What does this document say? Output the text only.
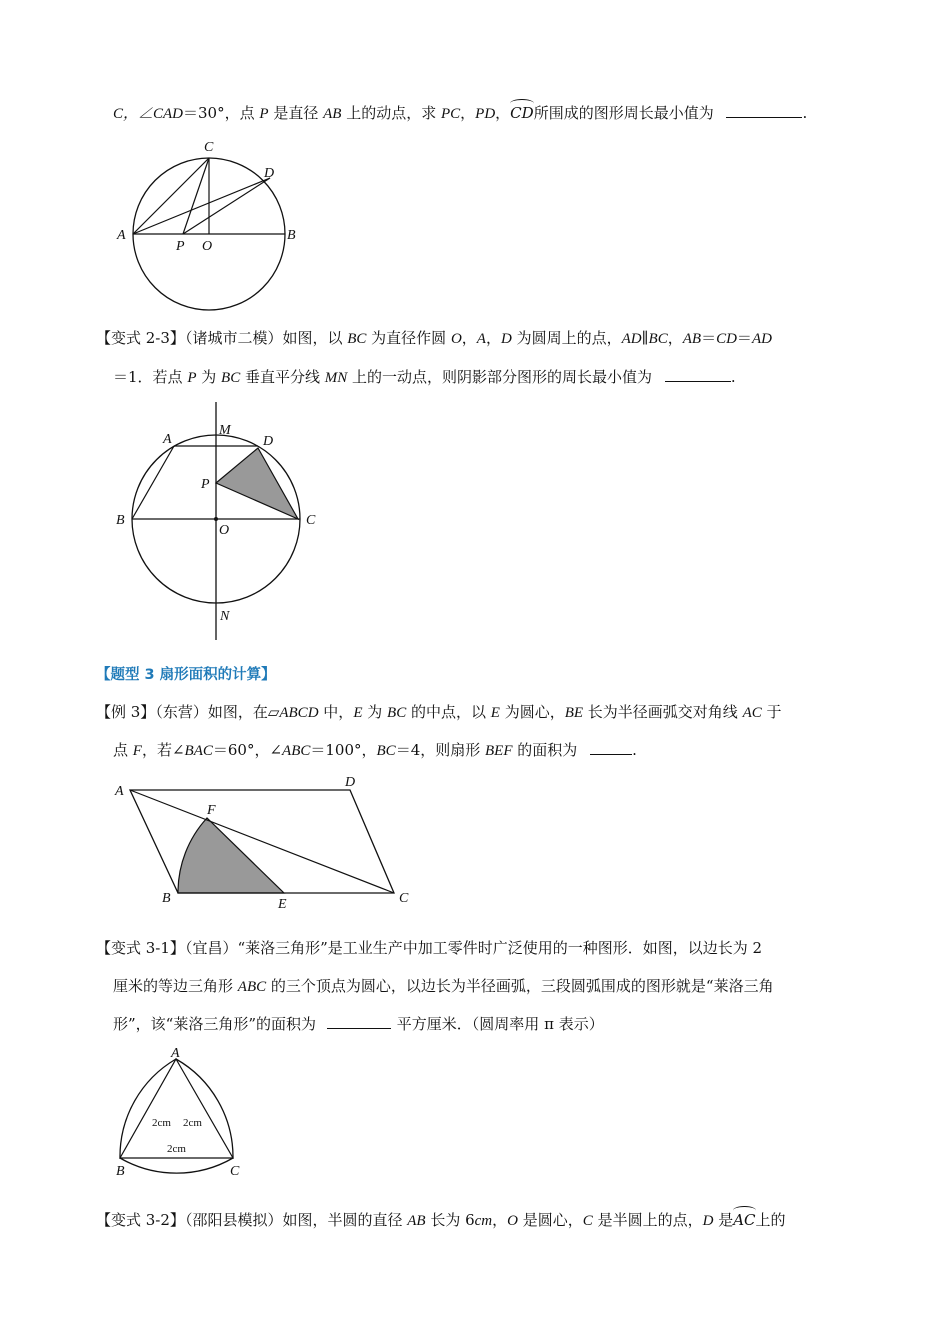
C，∠CAD＝30°，点 P 是直径 AB 上的动点，求 PC，PD，CD所围成的图形周长最小值为	.
C
D
A
P O
B
【变式 2-3】（诸城市二模）如图，以 BC 为直径作圆 O，A，D 为圆周上的点，AD∥BC，AB＝CD＝AD
＝1．若点 P 为 BC 垂直平分线 MN 上的一动点，则阴影部分图形的周长最小值为	.
A
M
D
P
B
O
C
N
【题型 3 扇形面积的计算】
【例 3】（东营）如图，在▱ABCD 中，E 为 BC 的中点，以 E 为圆心，BE 长为半径画弧交对角线 AC 于
点 F，若∠BAC＝60°，∠ABC＝100°，BC＝4，则扇形 BEF 的面积为	.
A
D
F
B	E	C
【变式 3-1】（宜昌）“莱洛三角形”是工业生产中加工零件时广泛使用的一种图形．如图，以边长为 2
厘米的等边三角形 ABC 的三个顶点为圆心，以边长为半径画弧，三段圆弧围成的图形就是“莱洛三角
形”，该“莱洛三角形”的面积为	平方厘米．（圆周率用 π 表示）
A
B	C
2cm 2cm
2cm
【变式 3-2】（邵阳县模拟）如图，半圆的直径 AB 长为 6cm，O 是圆心，C 是半圆上的点，D 是AC上的
